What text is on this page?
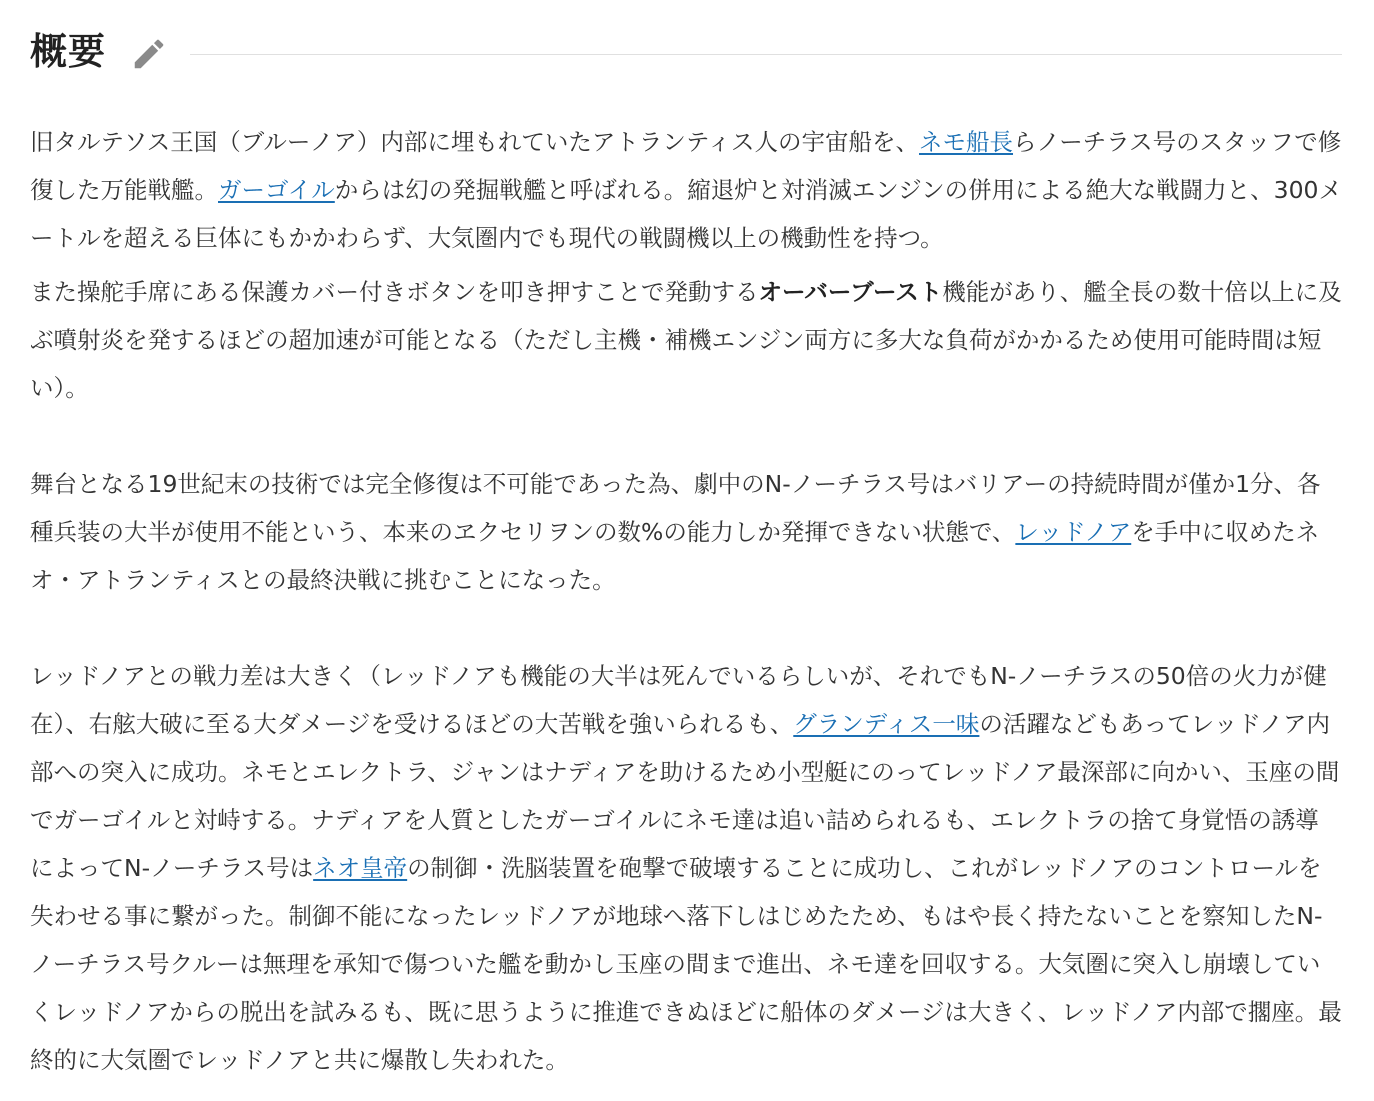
概要

旧タルテソス王国（ブルーノア）内部に埋もれていたアトランティス人の宇宙船を、ネモ船長らノーチラス号のスタッフで修復した万能戦艦。ガーゴイルからは幻の発掘戦艦と呼ばれる。縮退炉と対消滅エンジンの併用による絶大な戦闘力と、300メートルを超える巨体にもかかわらず、大気圏内でも現代の戦闘機以上の機動性を持つ。

また操舵手席にある保護カバー付きボタンを叩き押すことで発動するオーバーブースト機能があり、艦全長の数十倍以上に及ぶ噴射炎を発するほどの超加速が可能となる（ただし主機・補機エンジン両方に多大な負荷がかかるため使用可能時間は短い）。

舞台となる19世紀末の技術では完全修復は不可能であった為、劇中のN-ノーチラス号はバリアーの持続時間が僅か1分、各種兵装の大半が使用不能という、本来のヱクセリヲンの数%の能力しか発揮できない状態で、レッドノアを手中に収めたネオ・アトランティスとの最終決戦に挑むことになった。

レッドノアとの戦力差は大きく（レッドノアも機能の大半は死んでいるらしいが、それでもN-ノーチラスの50倍の火力が健在）、右舷大破に至る大ダメージを受けるほどの大苦戦を強いられるも、グランディス一味の活躍などもあってレッドノア内部への突入に成功。ネモとエレクトラ、ジャンはナディアを助けるため小型艇にのってレッドノア最深部に向かい、玉座の間でガーゴイルと対峙する。ナディアを人質としたガーゴイルにネモ達は追い詰められるも、エレクトラの捨て身覚悟の誘導によってN-ノーチラス号はネオ皇帝の制御・洗脳装置を砲撃で破壊することに成功し、これがレッドノアのコントロールを失わせる事に繋がった。制御不能になったレッドノアが地球へ落下しはじめたため、もはや長く持たないことを察知したN-ノーチラス号クルーは無理を承知で傷ついた艦を動かし玉座の間まで進出、ネモ達を回収する。大気圏に突入し崩壊していくレッドノアからの脱出を試みるも、既に思うように推進できぬほどに船体のダメージは大きく、レッドノア内部で擱座。最終的に大気圏でレッドノアと共に爆散し失われた。
